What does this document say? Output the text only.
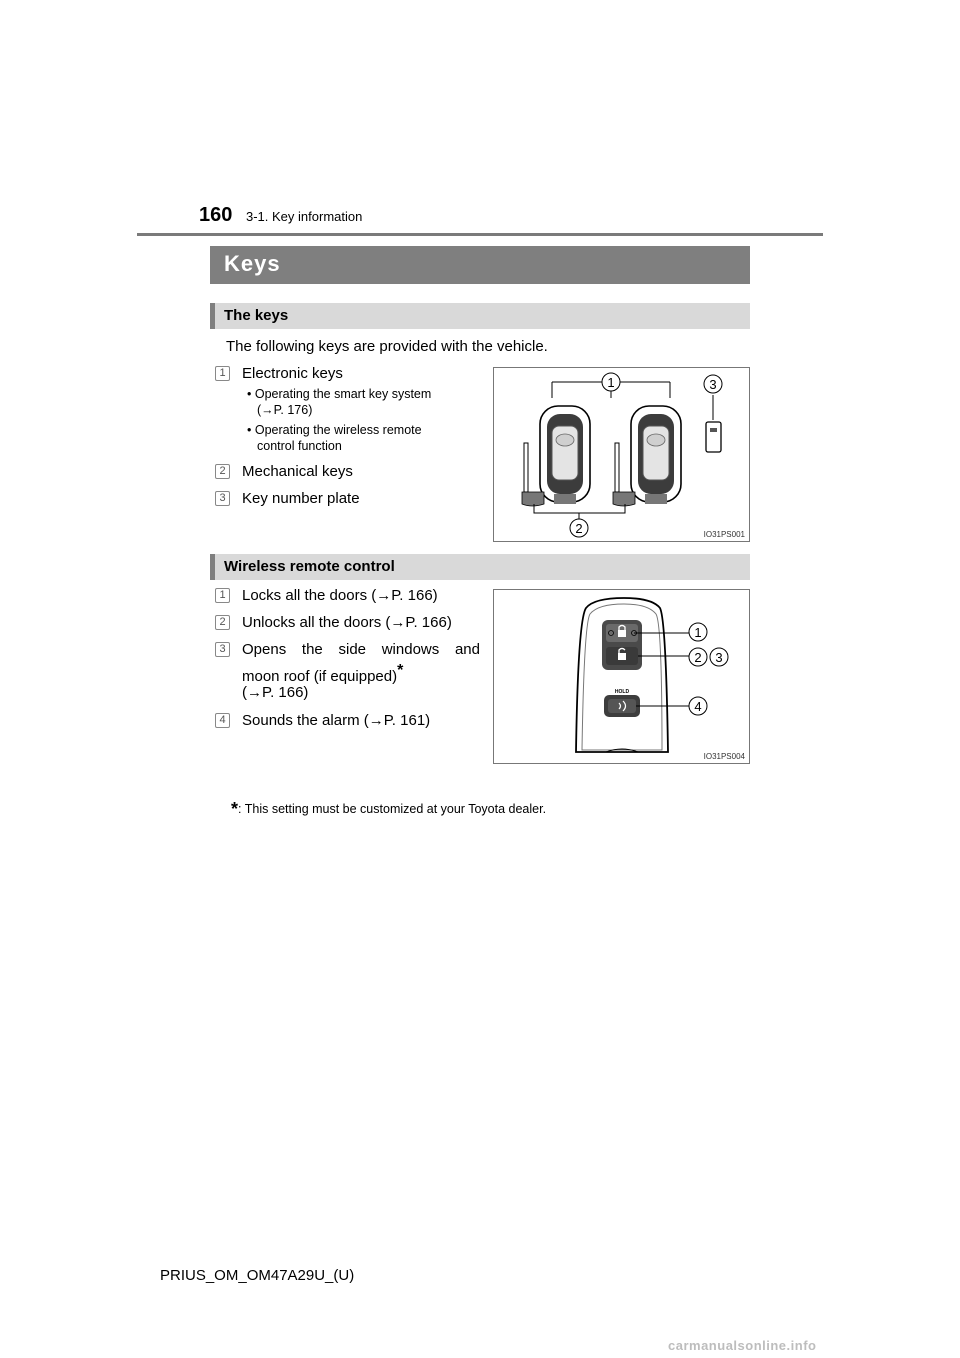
160 3-1. Key information
Keys
The keys
The following keys are provided with the vehicle.
1 Electronic keys
• Operating the smart key system
(→P. 176)
• Operating the wireless remote
control function
2 Mechanical keys
3 Key number plate
1	3
2	IO31PS001
Wireless remote control
1 Locks all the doors (→P. 166)
2 Unlocks all the doors (→P. 166)
3 Opens the side windows and
moon roof (if equipped)*
(→P. 166)
4 Sounds the alarm (→P. 161)
HOLD
1
2 3
4
IO31PS004
*: This setting must be customized at your Toyota dealer.
PRIUS_OM_OM47A29U_(U)
carmanualsonline.info
